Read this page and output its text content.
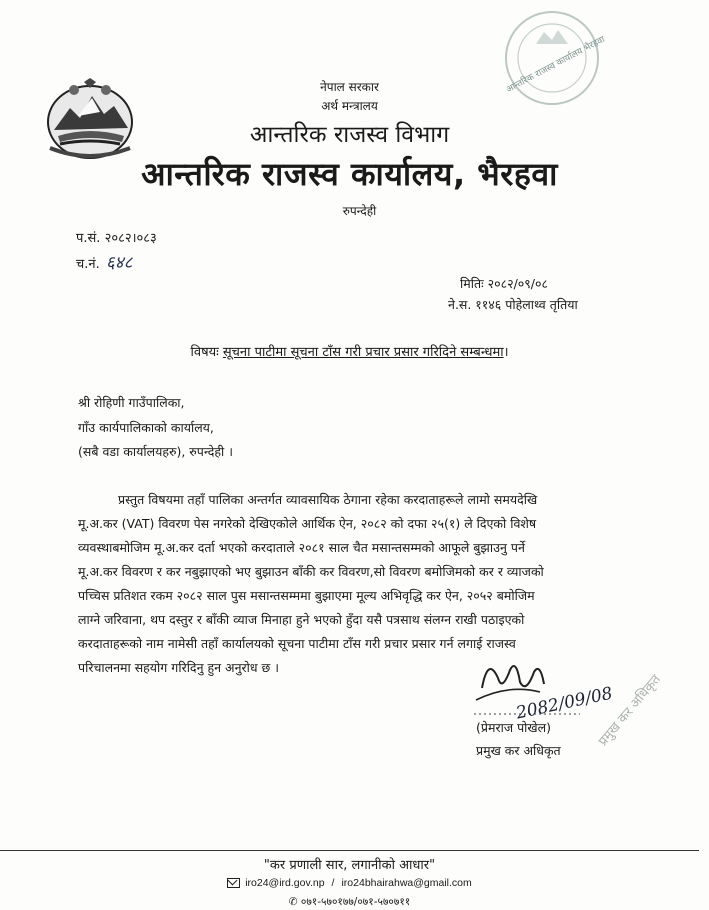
आन्तरिक राजस्व कार्यालय भैरहवा
नेपाल सरकार
अर्थ मन्त्रालय
आन्तरिक राजस्व विभाग
आन्तरिक राजस्व कार्यालय, भैरहवा
रुपन्देही
प.सं. २०८२।०८३
च.नं. ६४८
मितिः २०८२/०९/०८
ने.स. ११४६ पोहेलाथ्व तृतिया
विषयः सूचना पाटीमा सूचना टाँस गरी प्रचार प्रसार गरिदिने सम्बन्धमा।
श्री रोहिणी गाउँपालिका,
गाँउ कार्यपालिकाको कार्यालय,
(सबै वडा कार्यालयहरु), रुपन्देही ।
प्रस्तुत विषयमा तहाँ पालिका अन्तर्गत व्यावसायिक ठेगाना रहेका करदाताहरूले लामो समयदेखि
मू.अ.कर (VAT) विवरण पेस नगरेको देखिएकोले आर्थिक ऐन, २०८२ को दफा २५(१) ले दिएको विशेष
व्यवस्थाबमोजिम मू.अ.कर दर्ता भएको करदाताले २०८१ साल चैत मसान्तसम्मको आफूले बुझाउनु पर्ने
मू.अ.कर विवरण र कर नबुझाएको भए बुझाउन बाँकी कर विवरण,सो विवरण बमोजिमको कर र व्याजको
पच्चिस प्रतिशत रकम २०८२ साल पुस मसान्तसम्ममा बुझाएमा मूल्य अभिवृद्धि कर ऐन, २०५२ बमोजिम
लाग्ने जरिवाना, थप दस्तुर र बाँकी व्याज मिनाहा हुने भएको हुँदा यसै पत्रसाथ संलग्न राखी पठाइएको
करदाताहरूको नाम नामेसी तहाँ कार्यालयको सूचना पाटीमा टाँस गरी प्रचार प्रसार गर्न लगाई राजस्व
परिचालनमा सहयोग गरिदिनु हुन अनुरोध छ ।
2082/09/08
प्रमुख कर अधिकृत
(प्रेमराज पोखेल)
प्रमुख कर अधिकृत
"कर प्रणाली सार, लगानीको आधार"
iro24@ird.gov.np / iro24bhairahwa@gmail.com
✆ ०७१-५७०१७७/०७१-५७०७११
